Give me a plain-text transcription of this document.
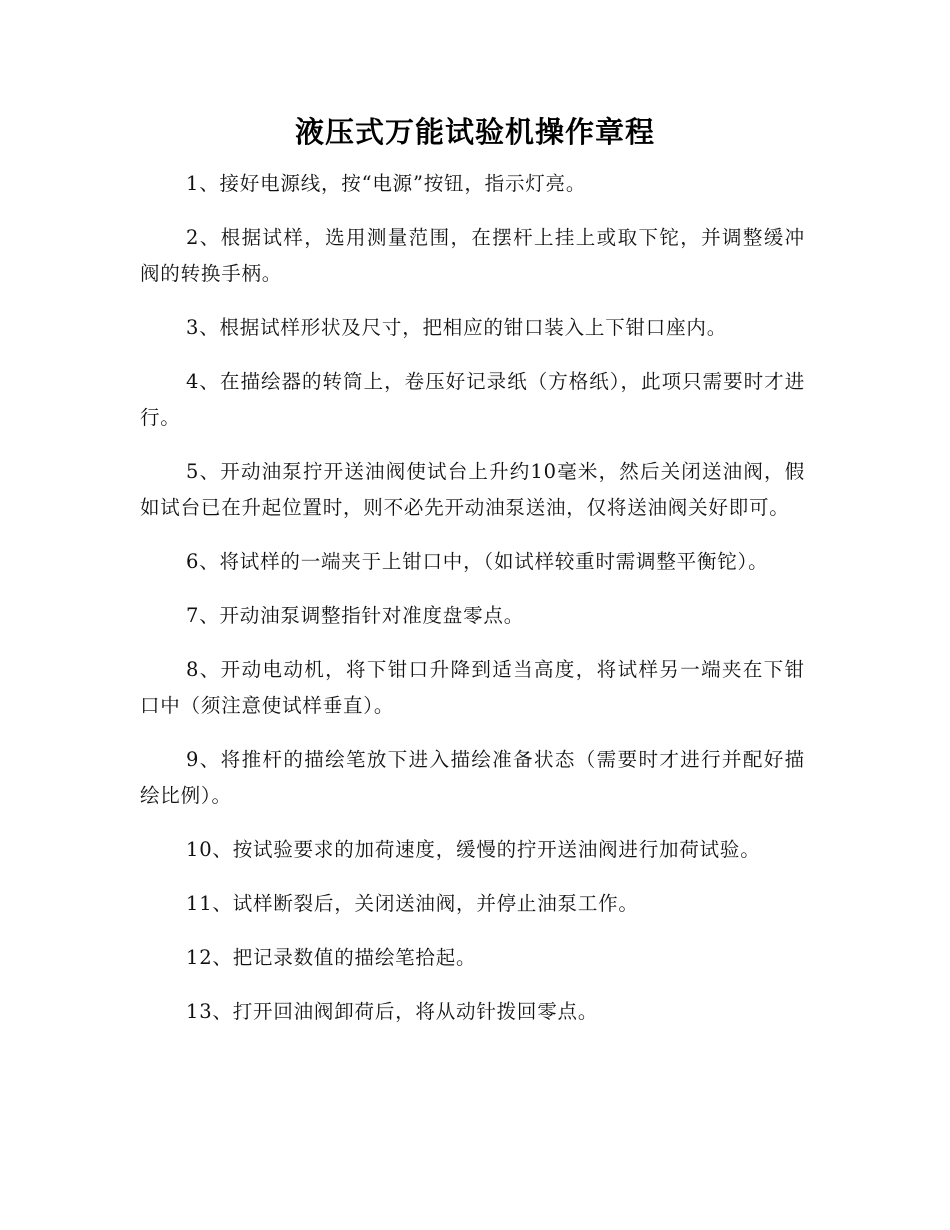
液压式万能试验机操作章程

1、接好电源线，按“电源”按钮，指示灯亮。

2、根据试样，选用测量范围，在摆杆上挂上或取下铊，并调整缓冲阀的转换手柄。

3、根据试样形状及尺寸，把相应的钳口装入上下钳口座内。

4、在描绘器的转筒上，卷压好记录纸（方格纸），此项只需要时才进行。

5、开动油泵拧开送油阀使试台上升约10毫米，然后关闭送油阀，假如试台已在升起位置时，则不必先开动油泵送油，仅将送油阀关好即可。

6、将试样的一端夹于上钳口中，（如试样较重时需调整平衡铊）。

7、开动油泵调整指针对准度盘零点。

8、开动电动机，将下钳口升降到适当高度，将试样另一端夹在下钳口中（须注意使试样垂直）。

9、将推杆的描绘笔放下进入描绘准备状态（需要时才进行并配好描绘比例）。

10、按试验要求的加荷速度，缓慢的拧开送油阀进行加荷试验。

11、试样断裂后，关闭送油阀，并停止油泵工作。

12、把记录数值的描绘笔拾起。

13、打开回油阀卸荷后，将从动针拨回零点。
